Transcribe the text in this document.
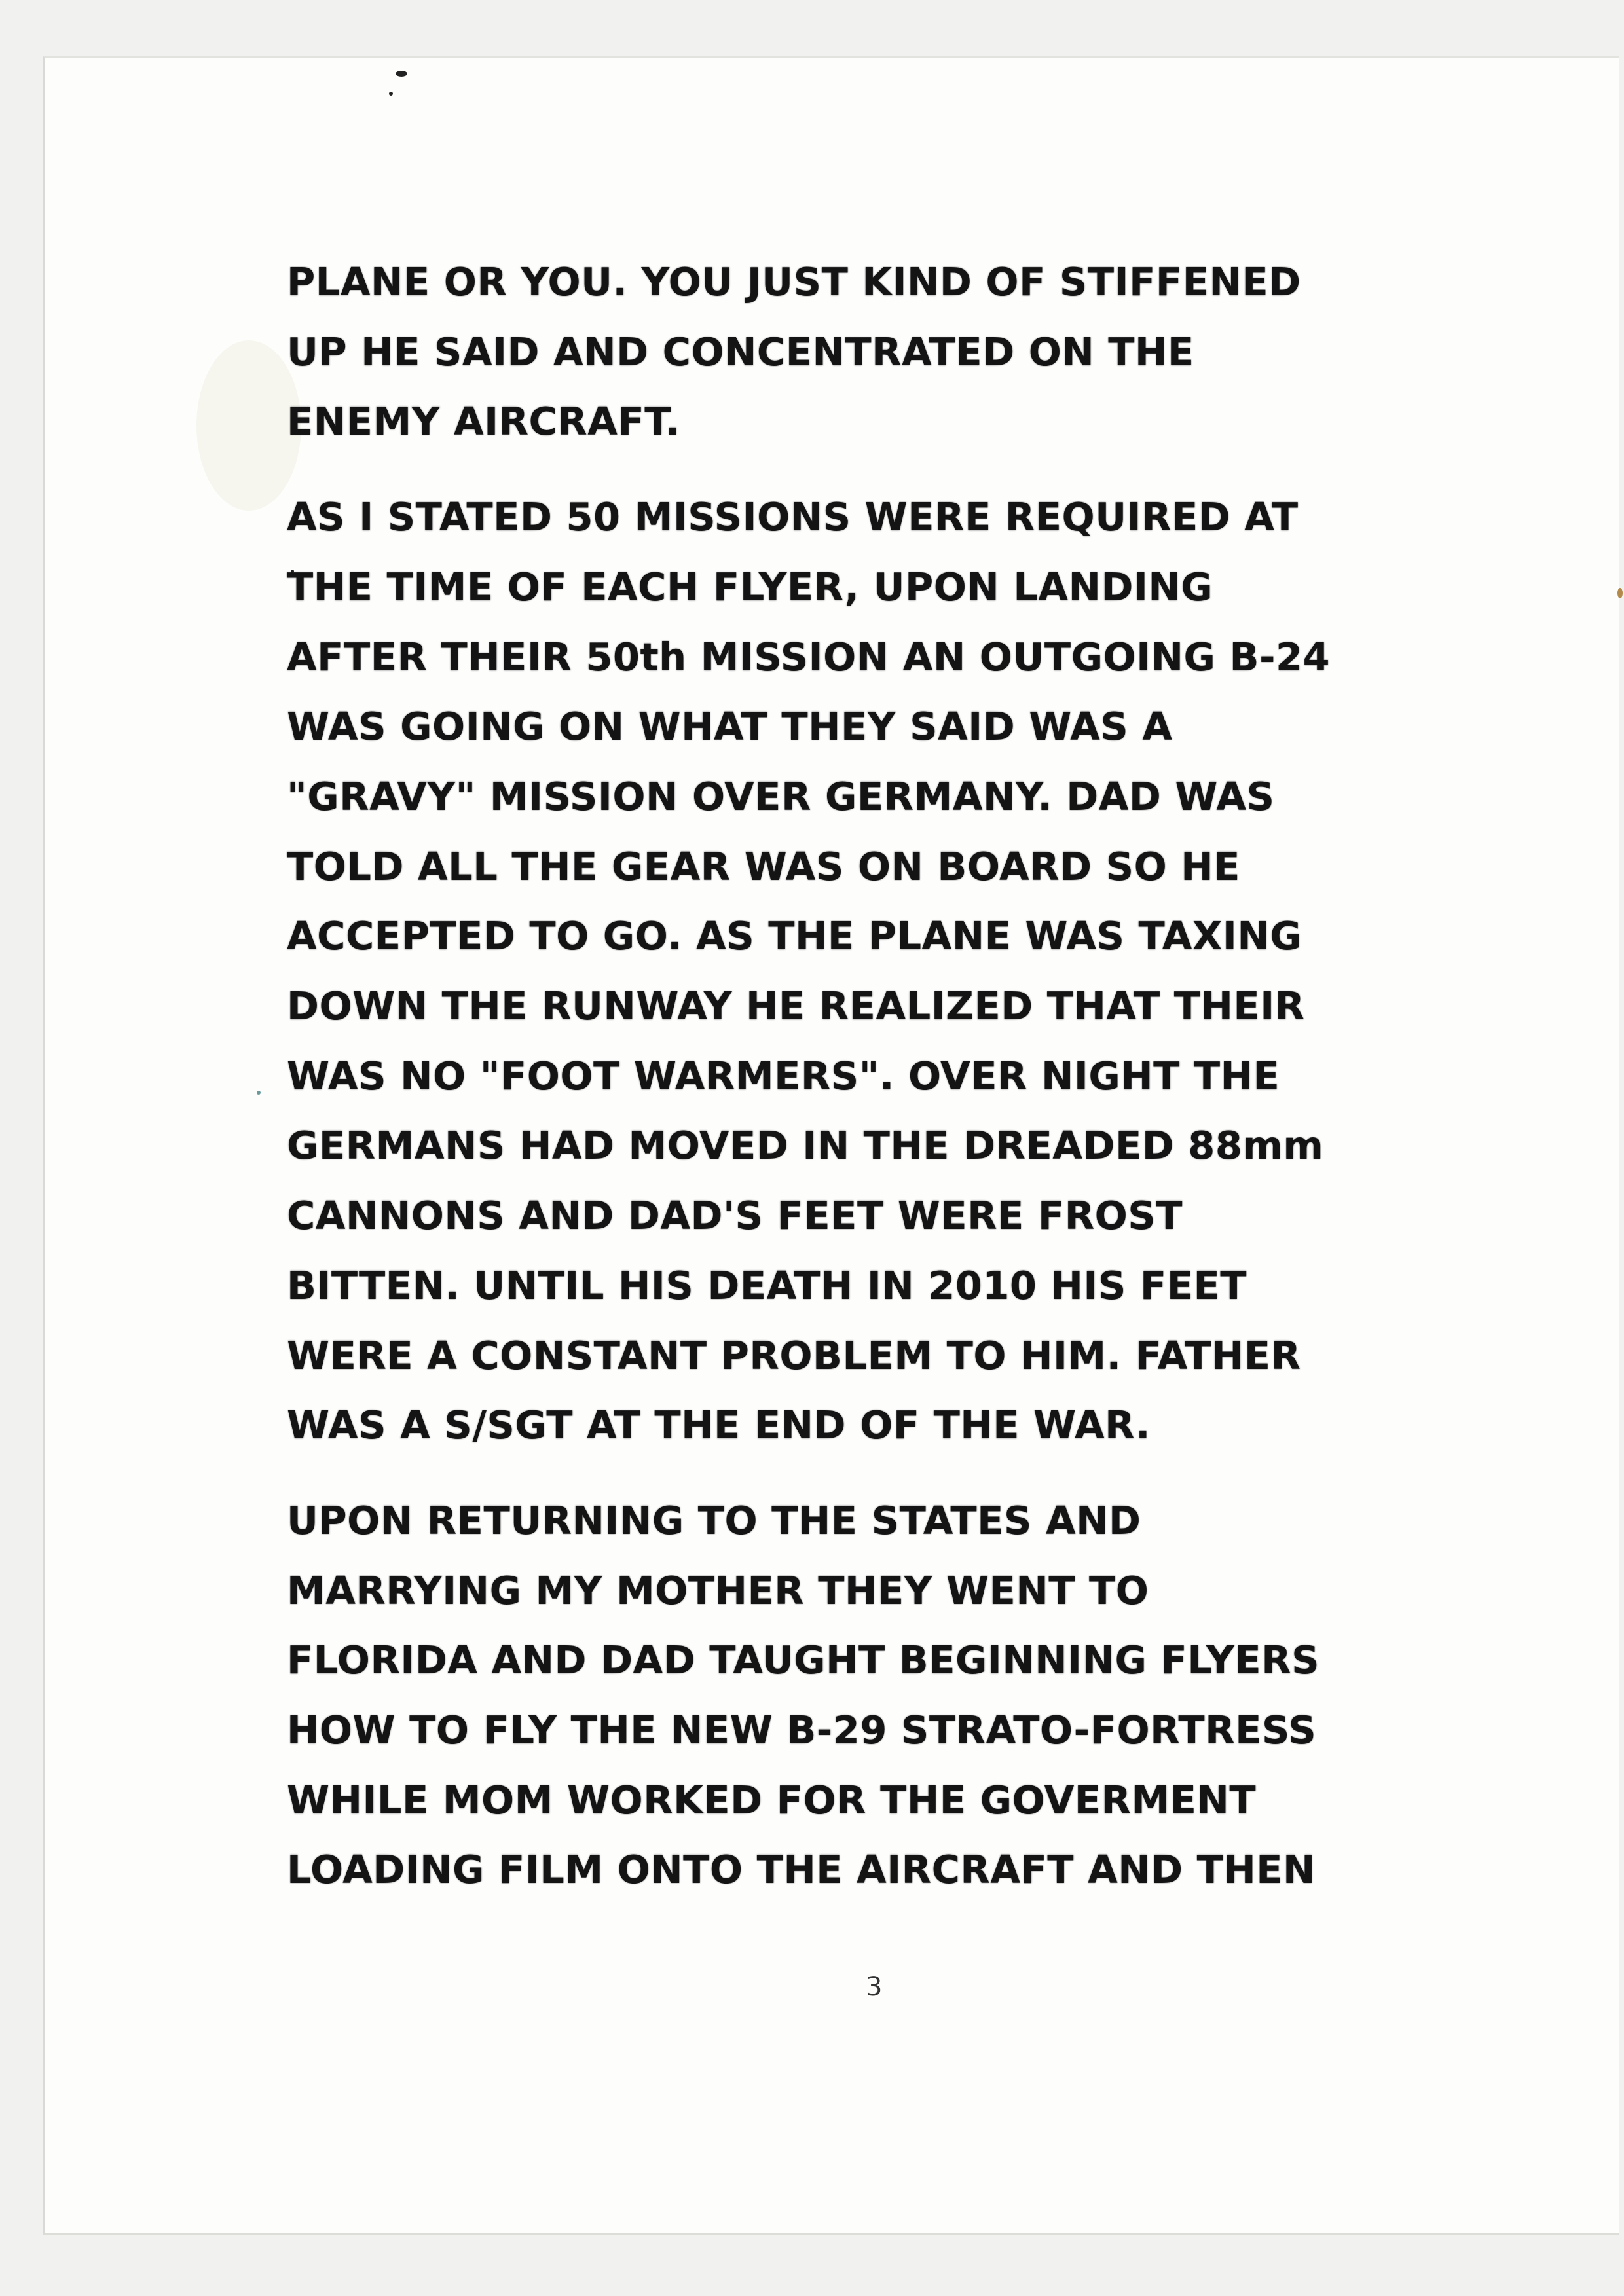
PLANE OR YOU. YOU JUST KIND OF STIFFENED
UP HE SAID AND CONCENTRATED ON THE
ENEMY AIRCRAFT.

AS I STATED 50 MISSIONS WERE REQUIRED AT
THE TIME OF EACH FLYER, UPON LANDING
AFTER THEIR 50th MISSION AN OUTGOING B-24
WAS GOING ON WHAT THEY SAID WAS A
"GRAVY" MISSION OVER GERMANY. DAD WAS
TOLD ALL THE GEAR WAS ON BOARD SO HE
ACCEPTED TO GO. AS THE PLANE WAS TAXING
DOWN THE RUNWAY HE REALIZED THAT THEIR
WAS NO "FOOT WARMERS". OVER NIGHT THE
GERMANS HAD MOVED IN THE DREADED 88mm
CANNONS AND DAD'S FEET WERE FROST
BITTEN. UNTIL HIS DEATH IN 2010 HIS FEET
WERE A CONSTANT PROBLEM TO HIM. FATHER
WAS A S/SGT AT THE END OF THE WAR.

UPON RETURNING TO THE STATES AND
MARRYING MY MOTHER THEY WENT TO
FLORIDA AND DAD TAUGHT BEGINNING FLYERS
HOW TO FLY THE NEW B-29 STRATO-FORTRESS
WHILE MOM WORKED FOR THE GOVERMENT
LOADING FILM ONTO THE AIRCRAFT AND THEN

3
